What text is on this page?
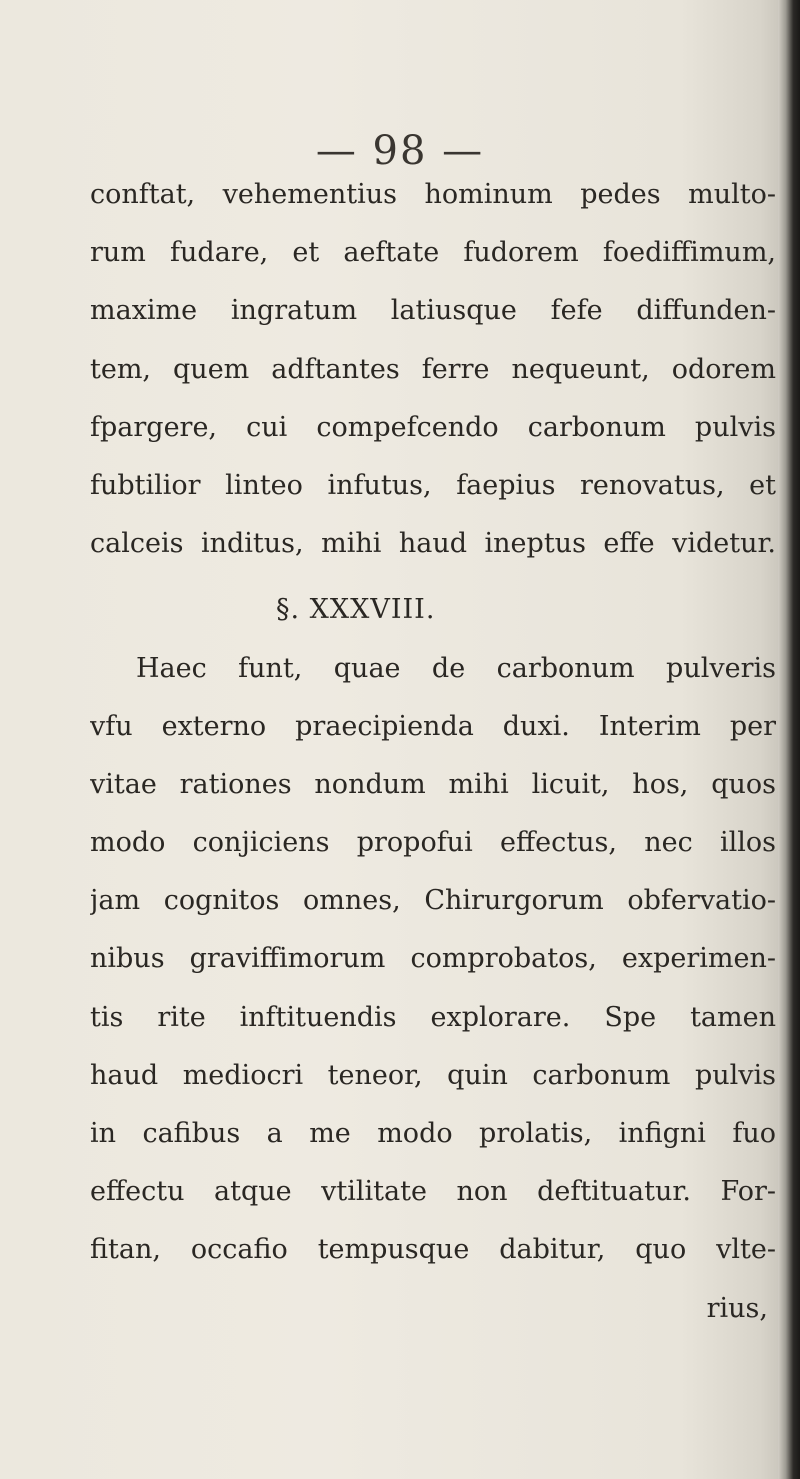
— 98 —
conftat, vehementius hominum pedes multo-
rum fudare, et aeftate fudorem foediffimum,
maxime ingratum latiusque fefe diffunden-
tem, quem adftantes ferre nequeunt, odorem
fpargere, cui compefcendo carbonum pulvis
fubtilior linteo infutus, faepius renovatus, et
calceis inditus, mihi haud ineptus effe videtur.
§. XXXVIII.
Haec funt, quae de carbonum pulveris
vfu externo praecipienda duxi. Interim per
vitae rationes nondum mihi licuit, hos, quos
modo conjiciens propofui effectus, nec illos
jam cognitos omnes, Chirurgorum obfervatio-
nibus graviffimorum comprobatos, experimen-
tis rite inftituendis explorare. Spe tamen
haud mediocri teneor, quin carbonum pulvis
in cafibus a me modo prolatis, infigni fuo
effectu atque vtilitate non deftituatur. For-
fitan, occafio tempusque dabitur, quo vlte-
rius,
